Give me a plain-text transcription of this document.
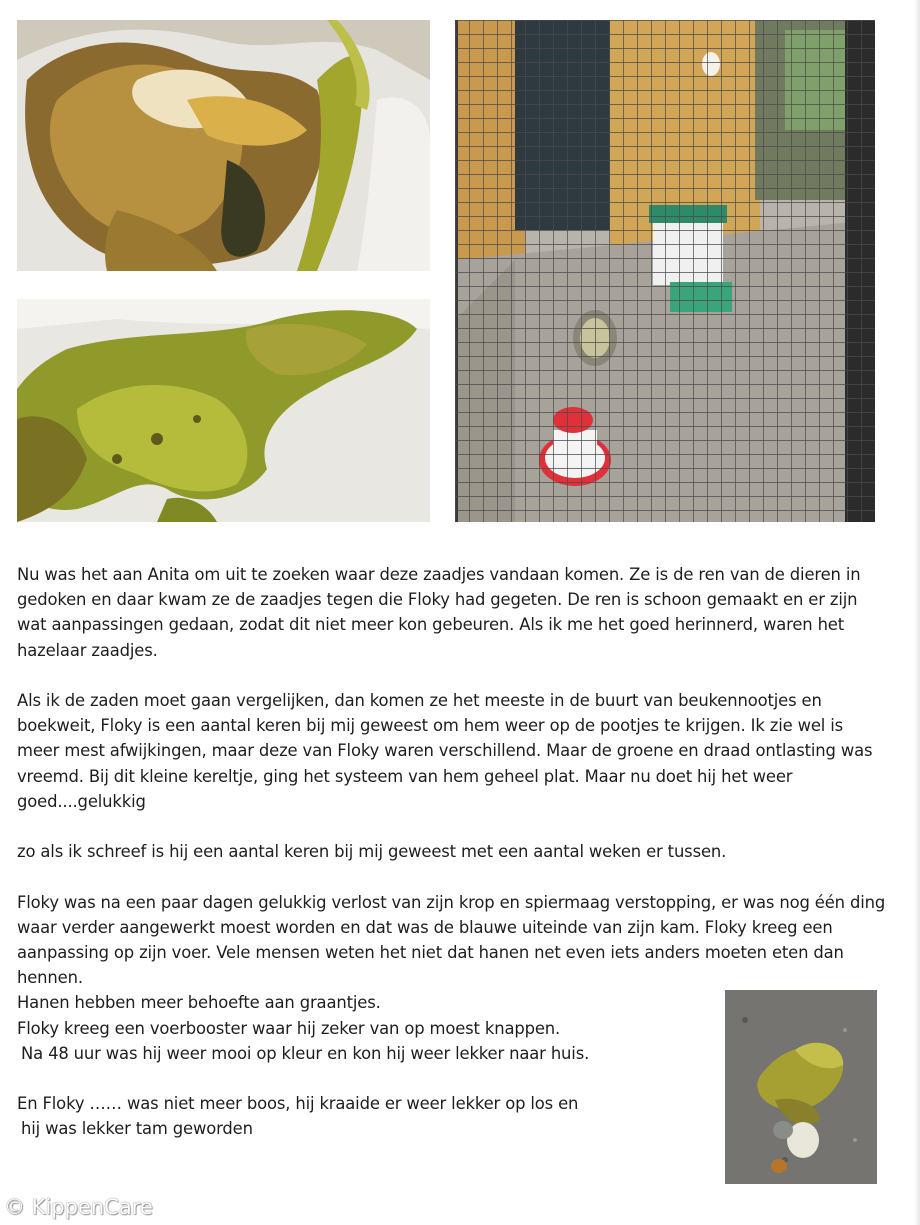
Nu was het aan Anita om uit te zoeken waar deze zaadjes vandaan komen. Ze is de ren van de dieren in gedoken en daar kwam ze de zaadjes tegen die Floky had gegeten. De ren is schoon gemaakt en er zijn wat aanpassingen gedaan, zodat dit niet meer kon gebeuren. Als ik me het goed herinnerd, waren het hazelaar zaadjes.

Als ik de zaden moet gaan vergelijken, dan komen ze het meeste in de buurt van beukennootjes en boekweit, Floky is een aantal keren bij mij geweest om hem weer op de pootjes te krijgen. Ik zie wel is meer mest afwijkingen, maar deze van Floky waren verschillend. Maar de groene en draad ontlasting was vreemd. Bij dit kleine kereltje, ging het systeem van hem geheel plat. Maar nu doet hij het weer goed....gelukkig

zo als ik schreef is hij een aantal keren bij mij geweest met een aantal weken er tussen.

Floky was na een paar dagen gelukkig verlost van zijn krop en spiermaag verstopping, er was nog één ding waar verder aangewerkt moest worden en dat was de blauwe uiteinde van zijn kam. Floky kreeg een aanpassing op zijn voer. Vele mensen weten het niet dat hanen net even iets anders moeten eten dan hennen.

Hanen hebben meer behoefte aan graantjes.

Floky kreeg een voerbooster waar hij zeker van op moest knappen.

Na 48 uur was hij weer mooi op kleur en kon hij weer lekker naar huis.

En Floky …… was niet meer boos, hij kraaide er weer lekker op los en

hij was lekker tam geworden

© KippenCare
